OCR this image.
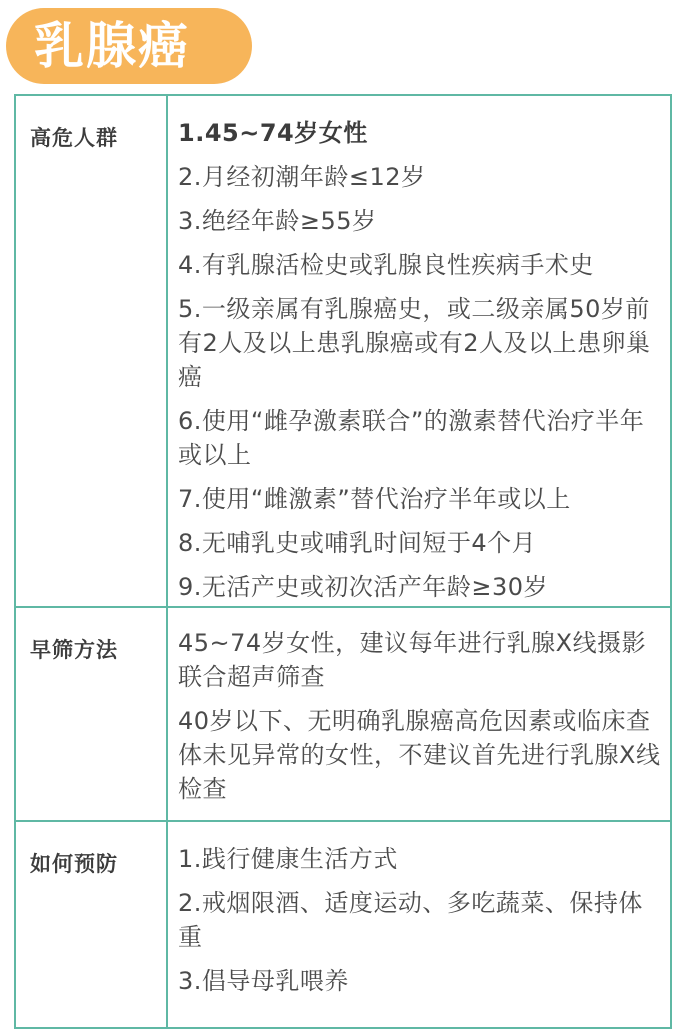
乳腺癌
高危人群	1.45~74岁女性
2.月经初潮年龄≤12岁
3.绝经年龄≥55岁
4.有乳腺活检史或乳腺良性疾病手术史
5.一级亲属有乳腺癌史，或二级亲属50岁前有2人及以上患乳腺癌或有2人及以上患卵巢癌
6.使用“雌孕激素联合”的激素替代治疗半年或以上
7.使用“雌激素”替代治疗半年或以上
8.无哺乳史或哺乳时间短于4个月
9.无活产史或初次活产年龄≥30岁
早筛方法	45~74岁女性，建议每年进行乳腺X线摄影联合超声筛查
40岁以下、无明确乳腺癌高危因素或临床查体未见异常的女性，不建议首先进行乳腺X线检查
如何预防	1.践行健康生活方式
2.戒烟限酒、适度运动、多吃蔬菜、保持体重
3.倡导母乳喂养
